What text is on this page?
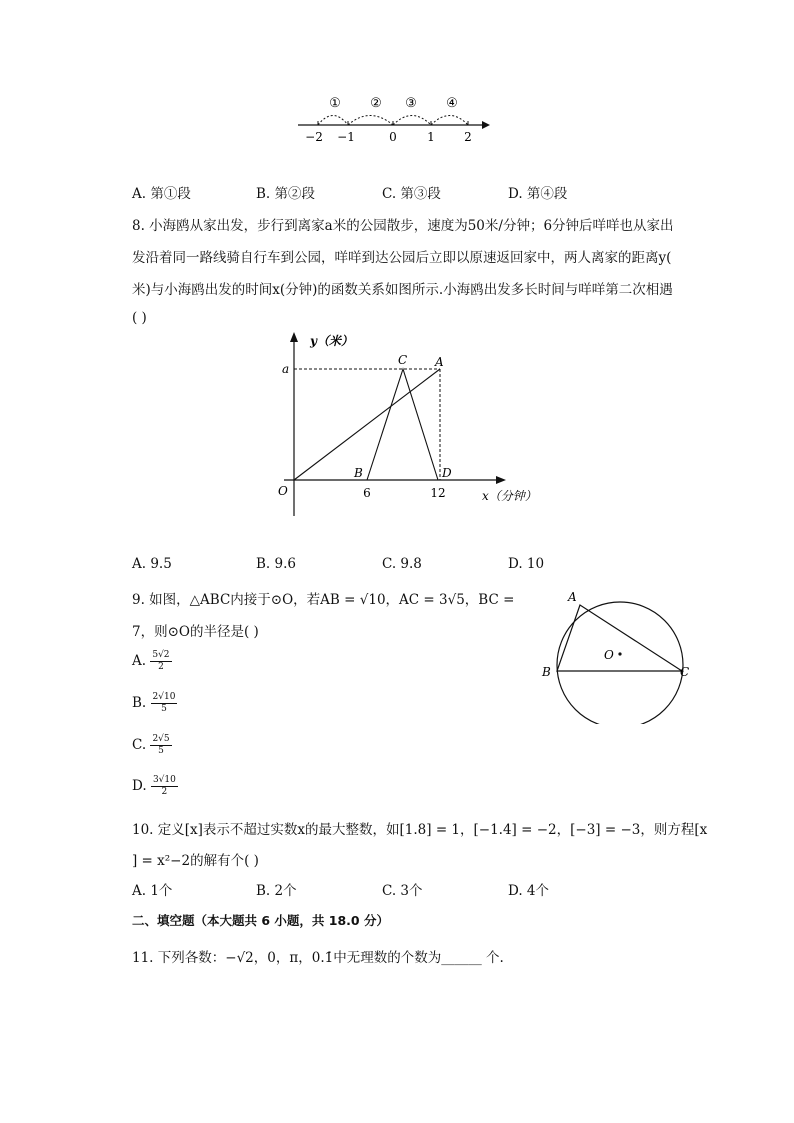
① ② ③ ④
−2 −1	0	1 2
A. 第①段	B. 第②段	C. 第③段	D. 第④段
8. 小海鸥从家出发，步行到离家a米的公园散步，速度为50米/分钟；6分钟后咩咩也从家出
发沿着同一路线骑自行车到公园，咩咩到达公园后立即以原速返回家中，两人离家的距离y(
米)与小海鸥出发的时间x(分钟)的函数关系如图所示.小海鸥出发多长时间与咩咩第二次相遇
( )
y（米）
a
O	6	12	x（分钟）
A
B
C
D
A. 9.5	B. 9.6	C. 9.8	D. 10
9. 如图，△ABC内接于⊙O，若AB = √10，AC = 3√5，BC =
7，则⊙O的半径是( )
A. $\frac{5√2}{2}$
B. $\frac{2√10}{5}$
C. $\frac{2√5}{5}$
D. $\frac{3√10}{2}$
A
B	C
O
10. 定义[x]表示不超过实数x的最大整数，如[1.8] = 1，[−1.4] = −2，[−3] = −3，则方程[x
] = x²−2的解有个( )
A. 1个	B. 2个	C. 3个	D. 4个
二、填空题（本大题共 6 小题，共 18.0 分）
11. 下列各数：−√2，0，π，0.1̇中无理数的个数为______ 个.
